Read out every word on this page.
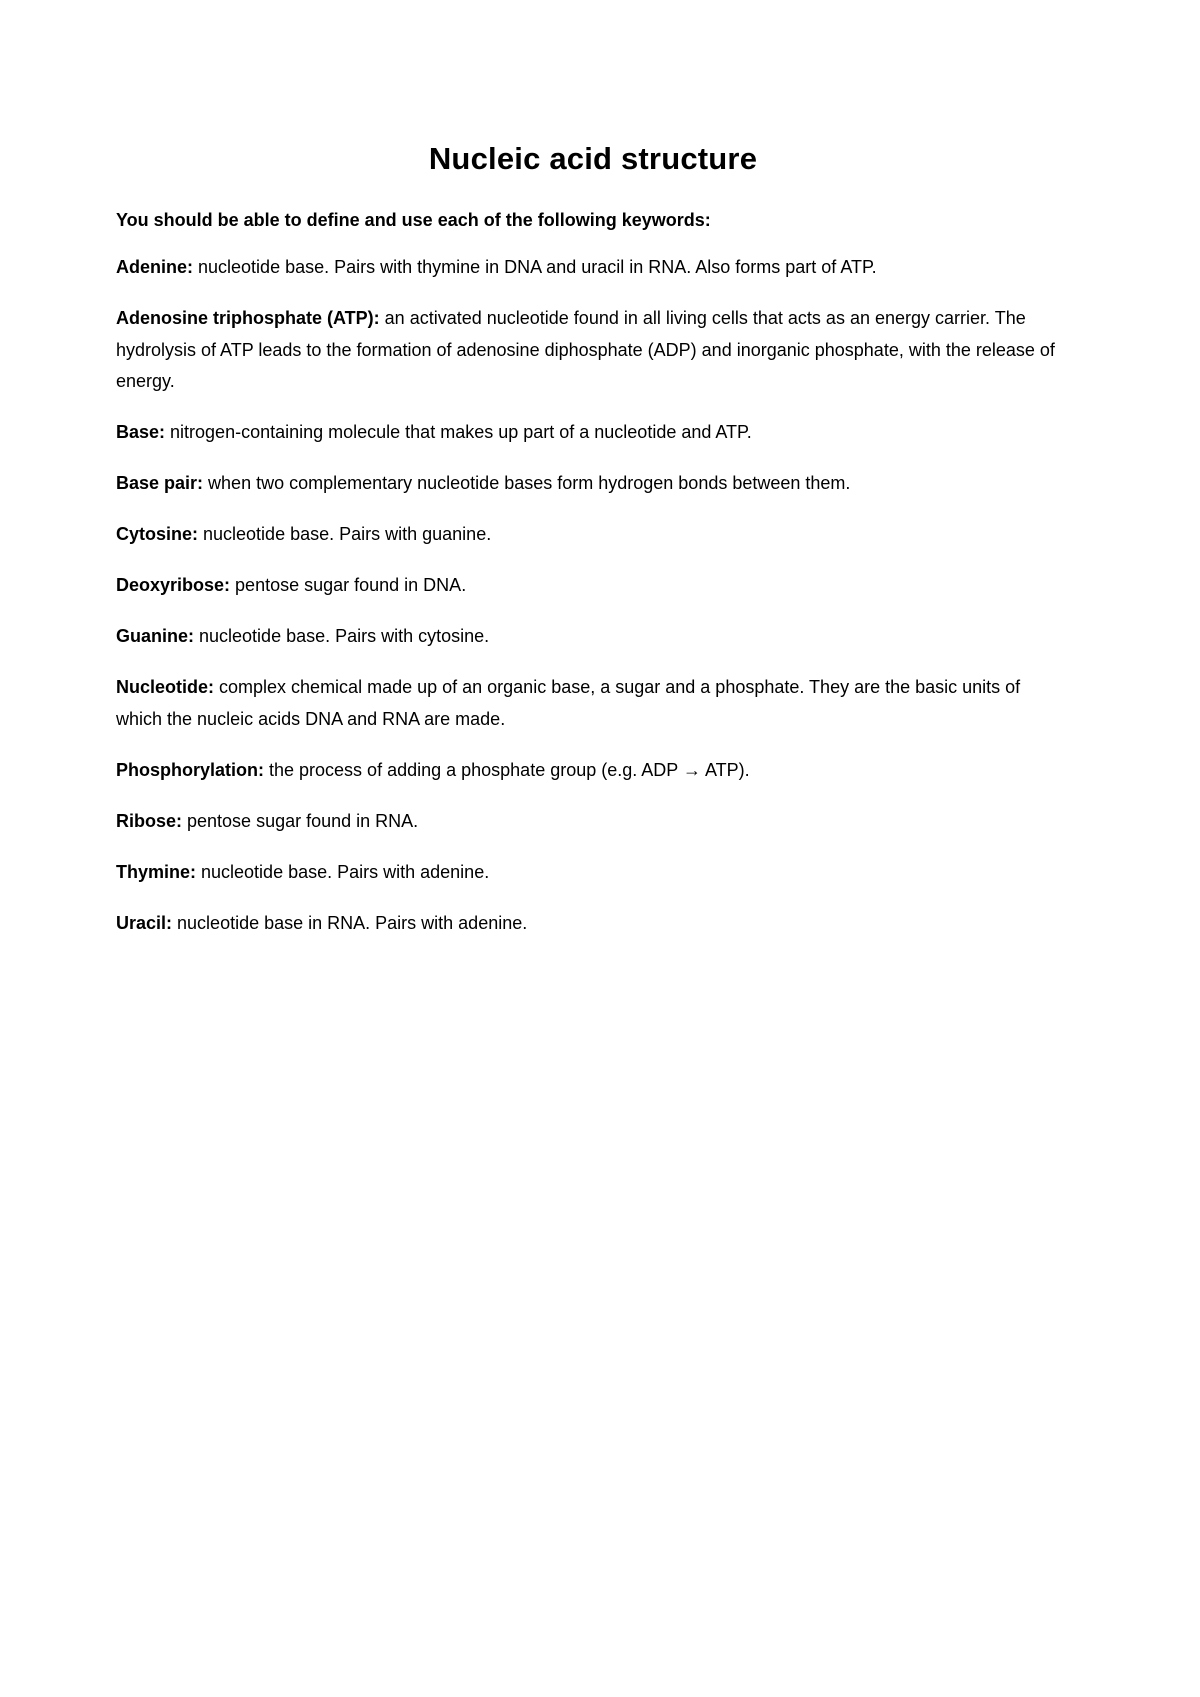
Nucleic acid structure

You should be able to define and use each of the following keywords:

Adenine: nucleotide base. Pairs with thymine in DNA and uracil in RNA. Also forms part of ATP.

Adenosine triphosphate (ATP): an activated nucleotide found in all living cells that acts as an energy carrier. The hydrolysis of ATP leads to the formation of adenosine diphosphate (ADP) and inorganic phosphate, with the release of energy.

Base: nitrogen-containing molecule that makes up part of a nucleotide and ATP.

Base pair: when two complementary nucleotide bases form hydrogen bonds between them.

Cytosine: nucleotide base. Pairs with guanine.

Deoxyribose: pentose sugar found in DNA.

Guanine: nucleotide base. Pairs with cytosine.

Nucleotide: complex chemical made up of an organic base, a sugar and a phosphate. They are the basic units of which the nucleic acids DNA and RNA are made.

Phosphorylation: the process of adding a phosphate group (e.g. ADP → ATP).

Ribose: pentose sugar found in RNA.

Thymine: nucleotide base. Pairs with adenine.

Uracil: nucleotide base in RNA. Pairs with adenine.
